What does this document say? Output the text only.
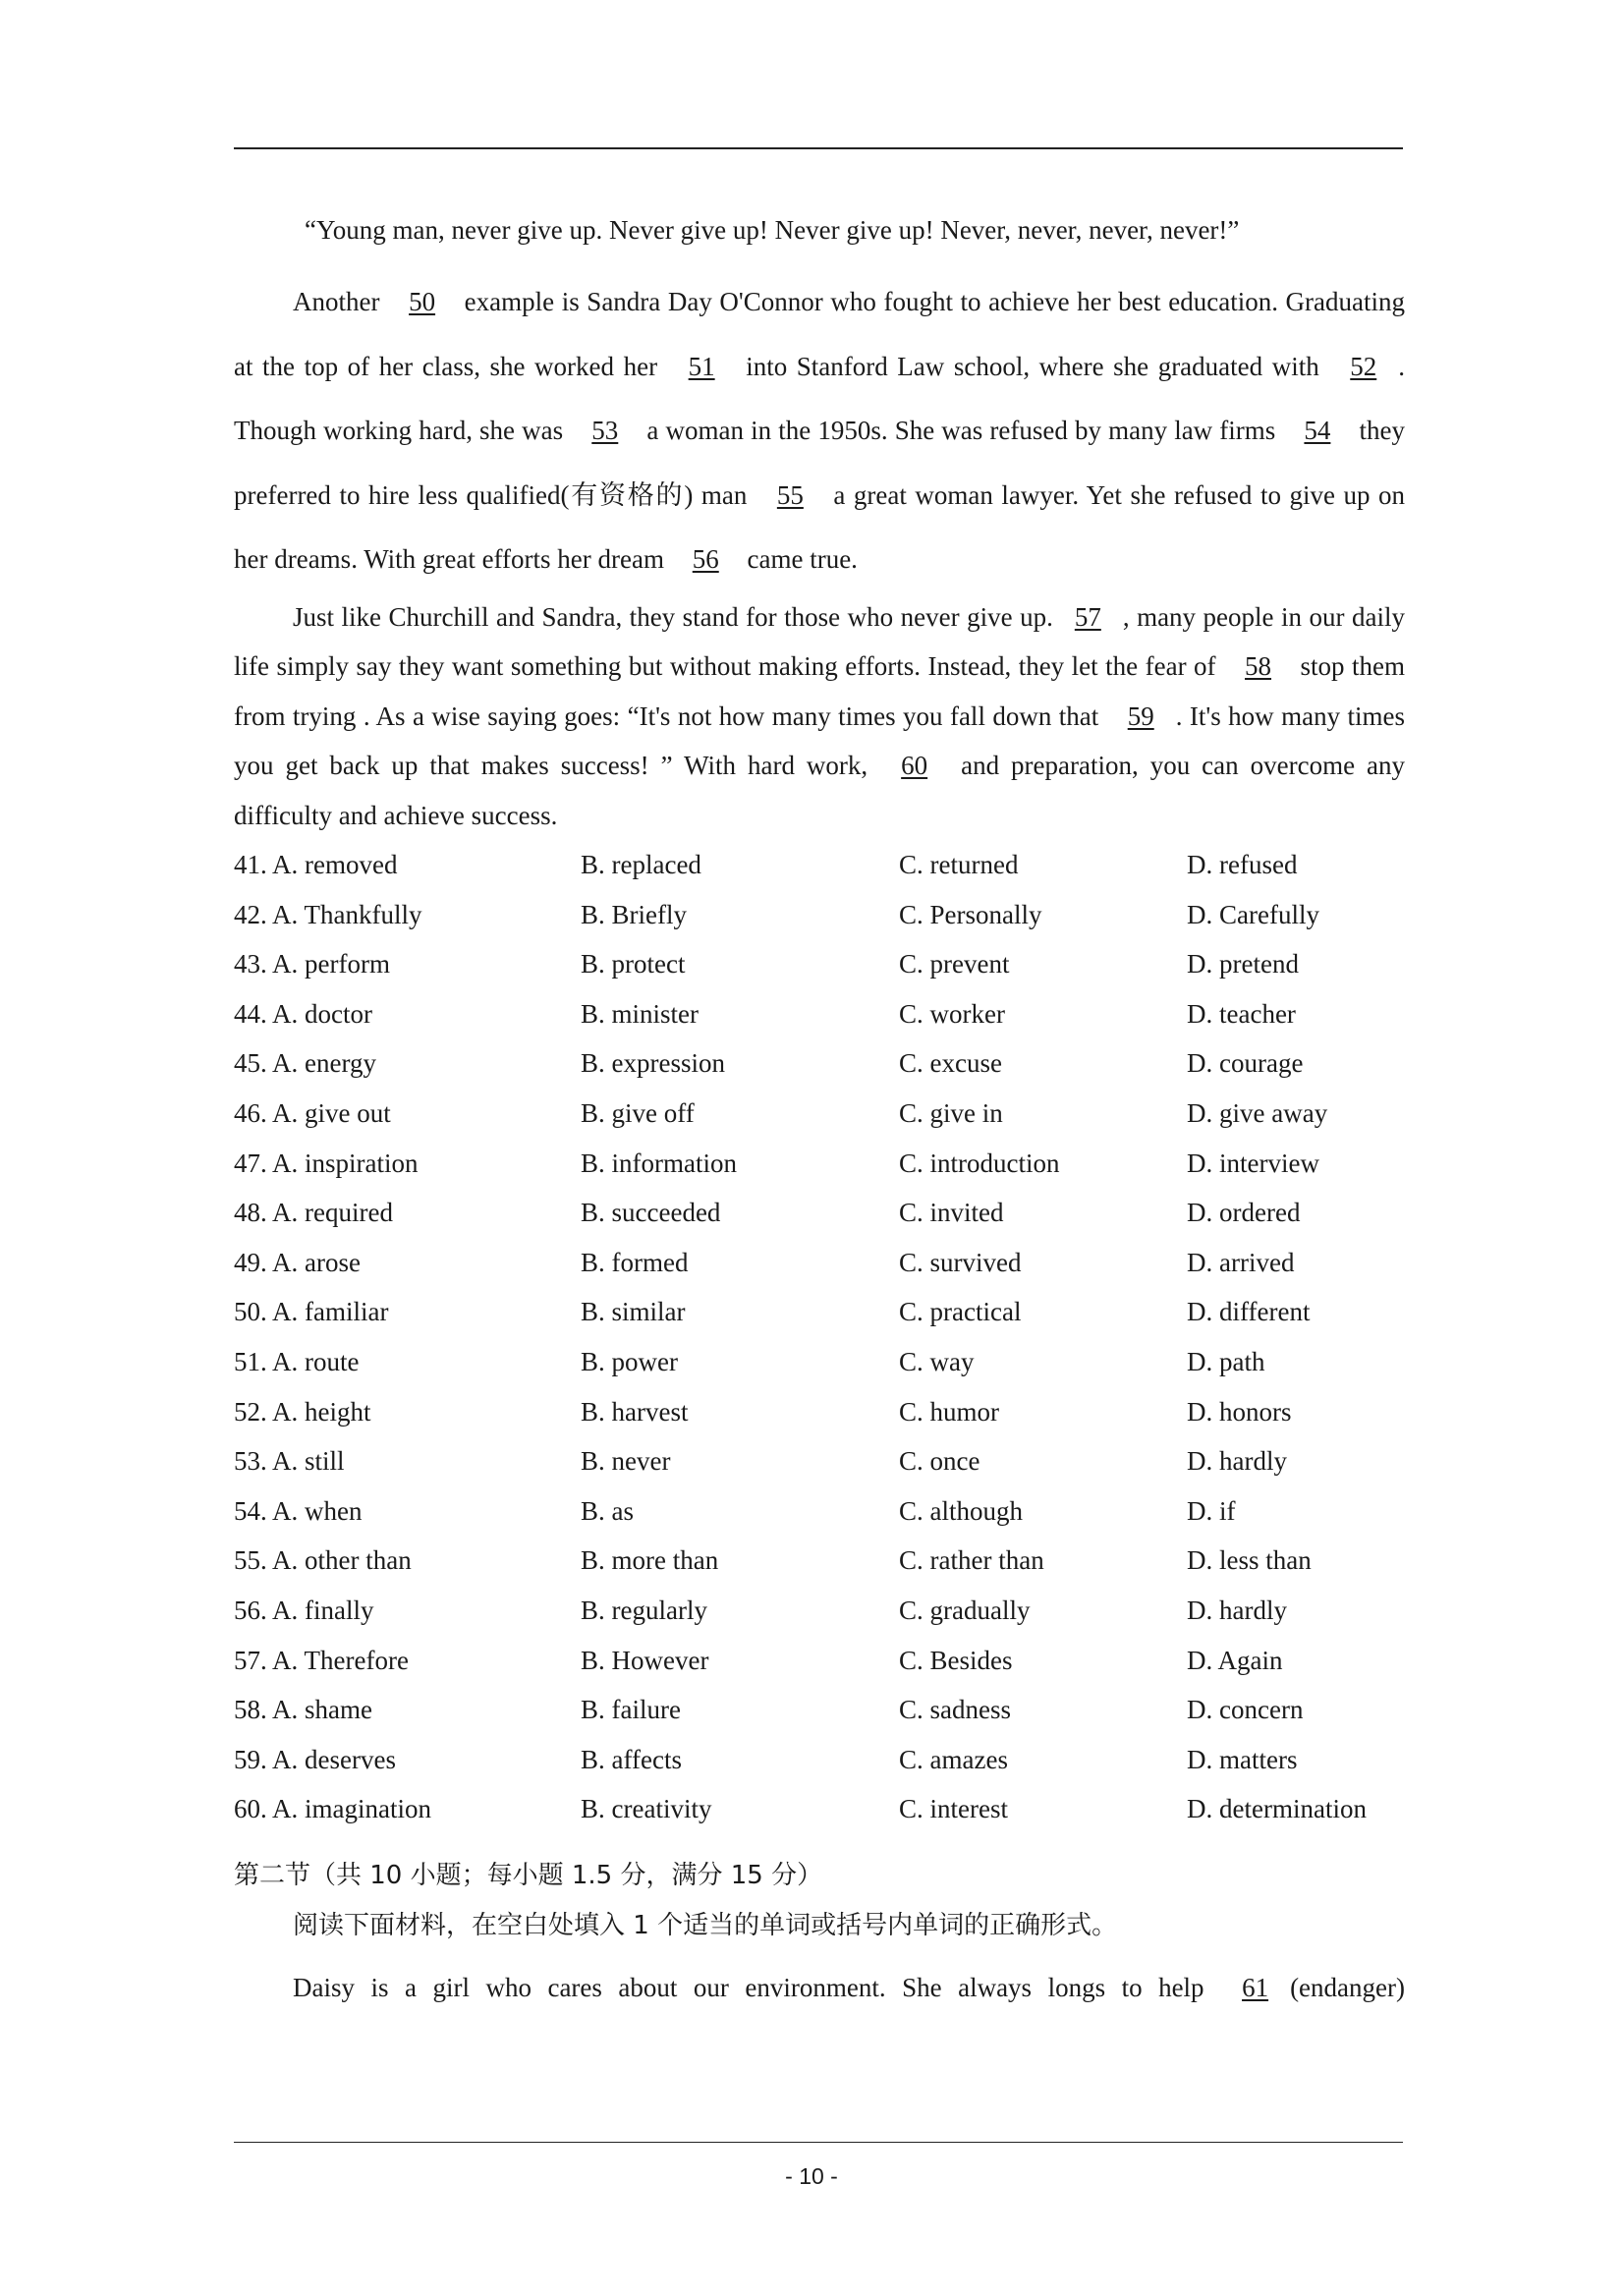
“Young man, never give up. Never give up! Never give up! Never, never, never, never!”
Another 50 example is Sandra Day O'Connor who fought to achieve her best education. Graduating at the top of her class, she worked her 51 into Stanford Law school, where she graduated with 52 . Though working hard, she was 53 a woman in the 1950s. She was refused by many law firms 54 they preferred to hire less qualified(有资格的) man 55 a great woman lawyer. Yet she refused to give up on her dreams. With great efforts her dream 56 came true.
Just like Churchill and Sandra, they stand for those who never give up. 57 , many people in our daily life simply say they want something but without making efforts. Instead, they let the fear of 58 stop them from trying . As a wise saying goes: “It's not how many times you fall down that 59 . It's how many times you get back up that makes success! ” With hard work, 60 and preparation, you can overcome any difficulty and achieve success.
41. A. removed	B. replaced	C. returned	D. refused
42. A. Thankfully	B. Briefly	C. Personally	D. Carefully
43. A. perform	B. protect	C. prevent	D. pretend
44. A. doctor	B. minister	C. worker	D. teacher
45. A. energy	B. expression	C. excuse	D. courage
46. A. give out	B. give off	C. give in	D. give away
47. A. inspiration	B. information	C. introduction	D. interview
48. A. required	B. succeeded	C. invited	D. ordered
49. A. arose	B. formed	C. survived	D. arrived
50. A. familiar	B. similar	C. practical	D. different
51. A. route	B. power	C. way	D. path
52. A. height	B. harvest	C. humor	D. honors
53. A. still	B. never	C. once	D. hardly
54. A. when	B. as	C. although	D. if
55. A. other than	B. more than	C. rather than	D. less than
56. A. finally	B. regularly	C. gradually	D. hardly
57. A. Therefore	B. However	C. Besides	D. Again
58. A. shame	B. failure	C. sadness	D. concern
59. A. deserves	B. affects	C. amazes	D. matters
60. A. imagination	B. creativity	C. interest	D. determination
第二节（共 10 小题；每小题 1.5 分，满分 15 分）
阅读下面材料，在空白处填入 1 个适当的单词或括号内单词的正确形式。
Daisy is a girl who cares about our environment. She always longs to help 61 (endanger)
- 10 -
